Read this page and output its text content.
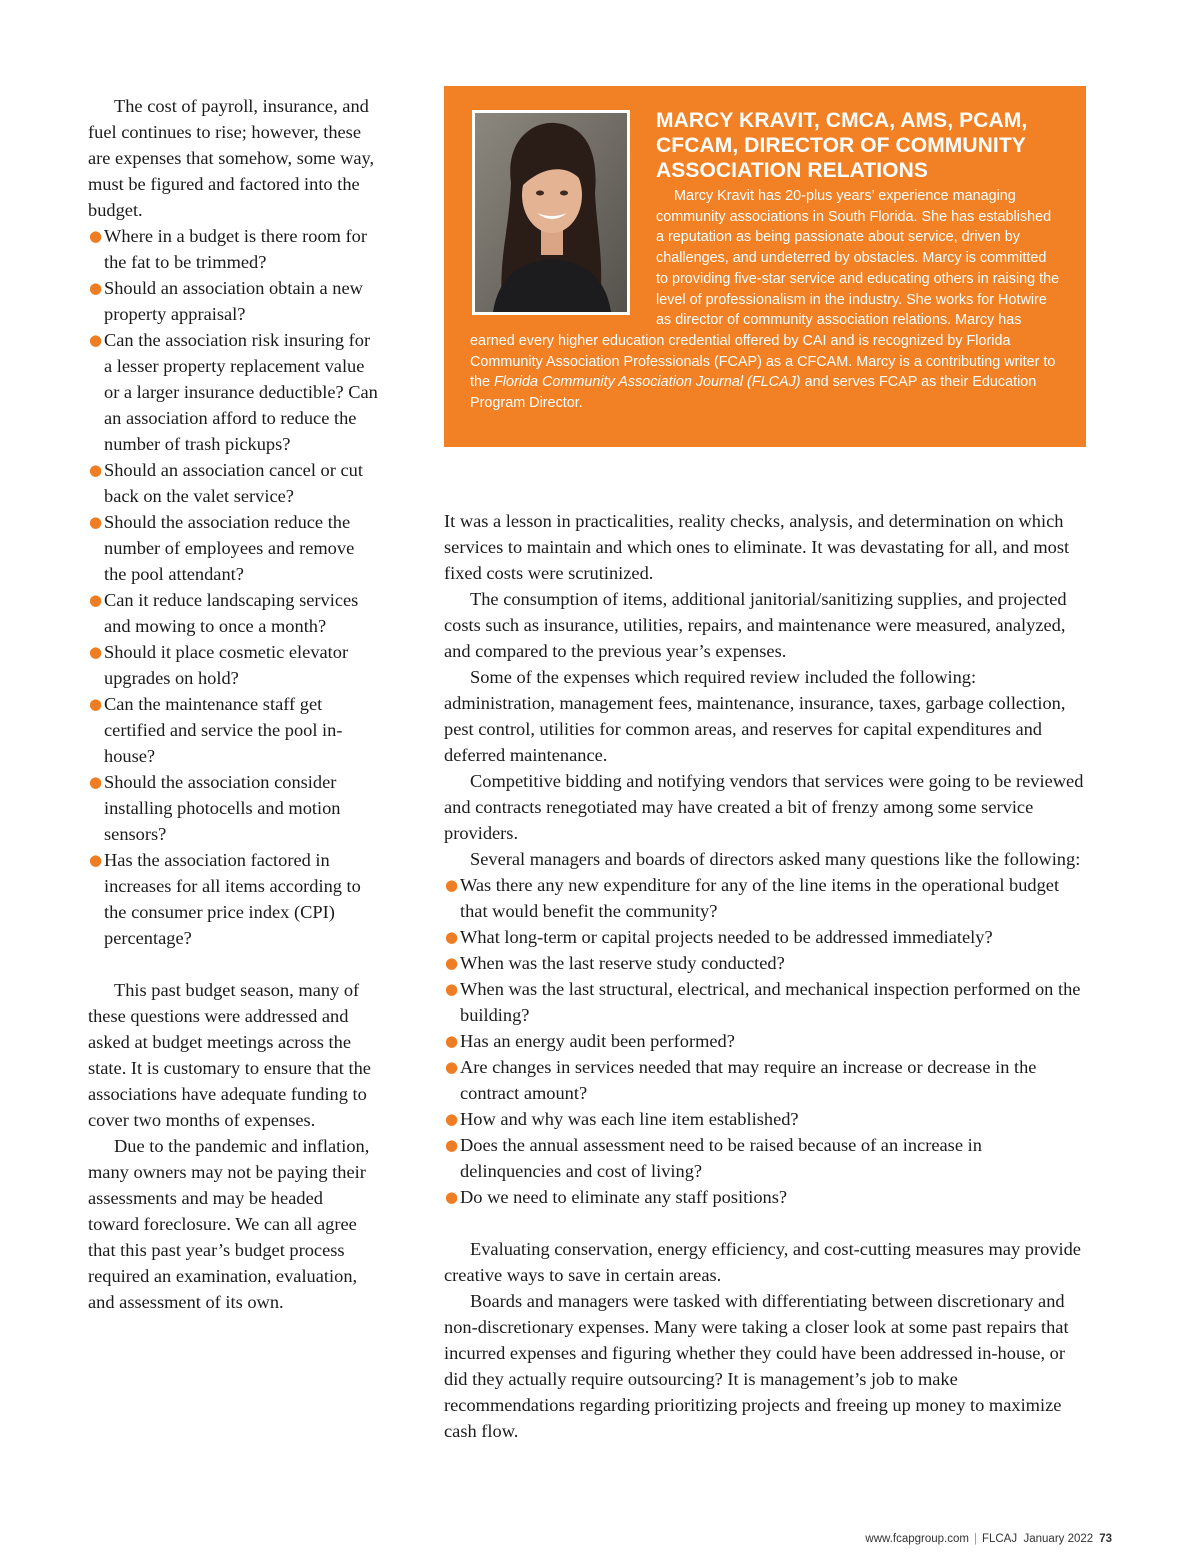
The cost of payroll, insurance, and fuel continues to rise; however, these are expenses that somehow, some way, must be figured and factored into the budget.

● Where in a budget is there room for the fat to be trimmed?
● Should an association obtain a new property appraisal?
● Can the association risk insuring for a lesser property replacement value or a larger insurance deductible? Can an association afford to reduce the number of trash pickups?
● Should an association cancel or cut back on the valet service?
● Should the association reduce the number of employees and remove the pool attendant?
● Can it reduce landscaping services and mowing to once a month?
● Should it place cosmetic elevator upgrades on hold?
● Can the maintenance staff get certified and service the pool in-house?
● Should the association consider installing photocells and motion sensors?
● Has the association factored in increases for all items according to the consumer price index (CPI) percentage?

This past budget season, many of these questions were addressed and asked at budget meetings across the state. It is customary to ensure that the associations have adequate funding to cover two months of expenses.

Due to the pandemic and inflation, many owners may not be paying their assessments and may be headed toward foreclosure. We can all agree that this past year’s budget process required an examination, evaluation, and assessment of its own.

MARCY KRAVIT, CMCA, AMS, PCAM, CFCAM, DIRECTOR OF COMMUNITY ASSOCIATION RELATIONS

Marcy Kravit has 20-plus years’ experience managing community associations in South Florida. She has established a reputation as being passionate about service, driven by challenges, and undeterred by obstacles. Marcy is committed to providing five-star service and educating others in raising the level of professionalism in the industry. She works for Hotwire as director of community association relations. Marcy has earned every higher education credential offered by CAI and is recognized by Florida Community Association Professionals (FCAP) as a CFCAM. Marcy is a contributing writer to the Florida Community Association Journal (FLCAJ) and serves FCAP as their Education Program Director.

It was a lesson in practicalities, reality checks, analysis, and determination on which services to maintain and which ones to eliminate. It was devastating for all, and most fixed costs were scrutinized.

The consumption of items, additional janitorial/sanitizing supplies, and projected costs such as insurance, utilities, repairs, and maintenance were measured, analyzed, and compared to the previous year’s expenses.

Some of the expenses which required review included the following: administration, management fees, maintenance, insurance, taxes, garbage collection, pest control, utilities for common areas, and reserves for capital expenditures and deferred maintenance.

Competitive bidding and notifying vendors that services were going to be reviewed and contracts renegotiated may have created a bit of frenzy among some service providers.

Several managers and boards of directors asked many questions like the following:

● Was there any new expenditure for any of the line items in the operational budget that would benefit the community?
● What long-term or capital projects needed to be addressed immediately?
● When was the last reserve study conducted?
● When was the last structural, electrical, and mechanical inspection performed on the building?
● Has an energy audit been performed?
● Are changes in services needed that may require an increase or decrease in the contract amount?
● How and why was each line item established?
● Does the annual assessment need to be raised because of an increase in delinquencies and cost of living?
● Do we need to eliminate any staff positions?

Evaluating conservation, energy efficiency, and cost-cutting measures may provide creative ways to save in certain areas.

Boards and managers were tasked with differentiating between discretionary and non-discretionary expenses. Many were taking a closer look at some past repairs that incurred expenses and figuring whether they could have been addressed in-house, or did they actually require outsourcing? It is management’s job to make recommendations regarding prioritizing projects and freeing up money to maximize cash flow.

www.fcapgroup.com | FLCAJ January 2022 73
